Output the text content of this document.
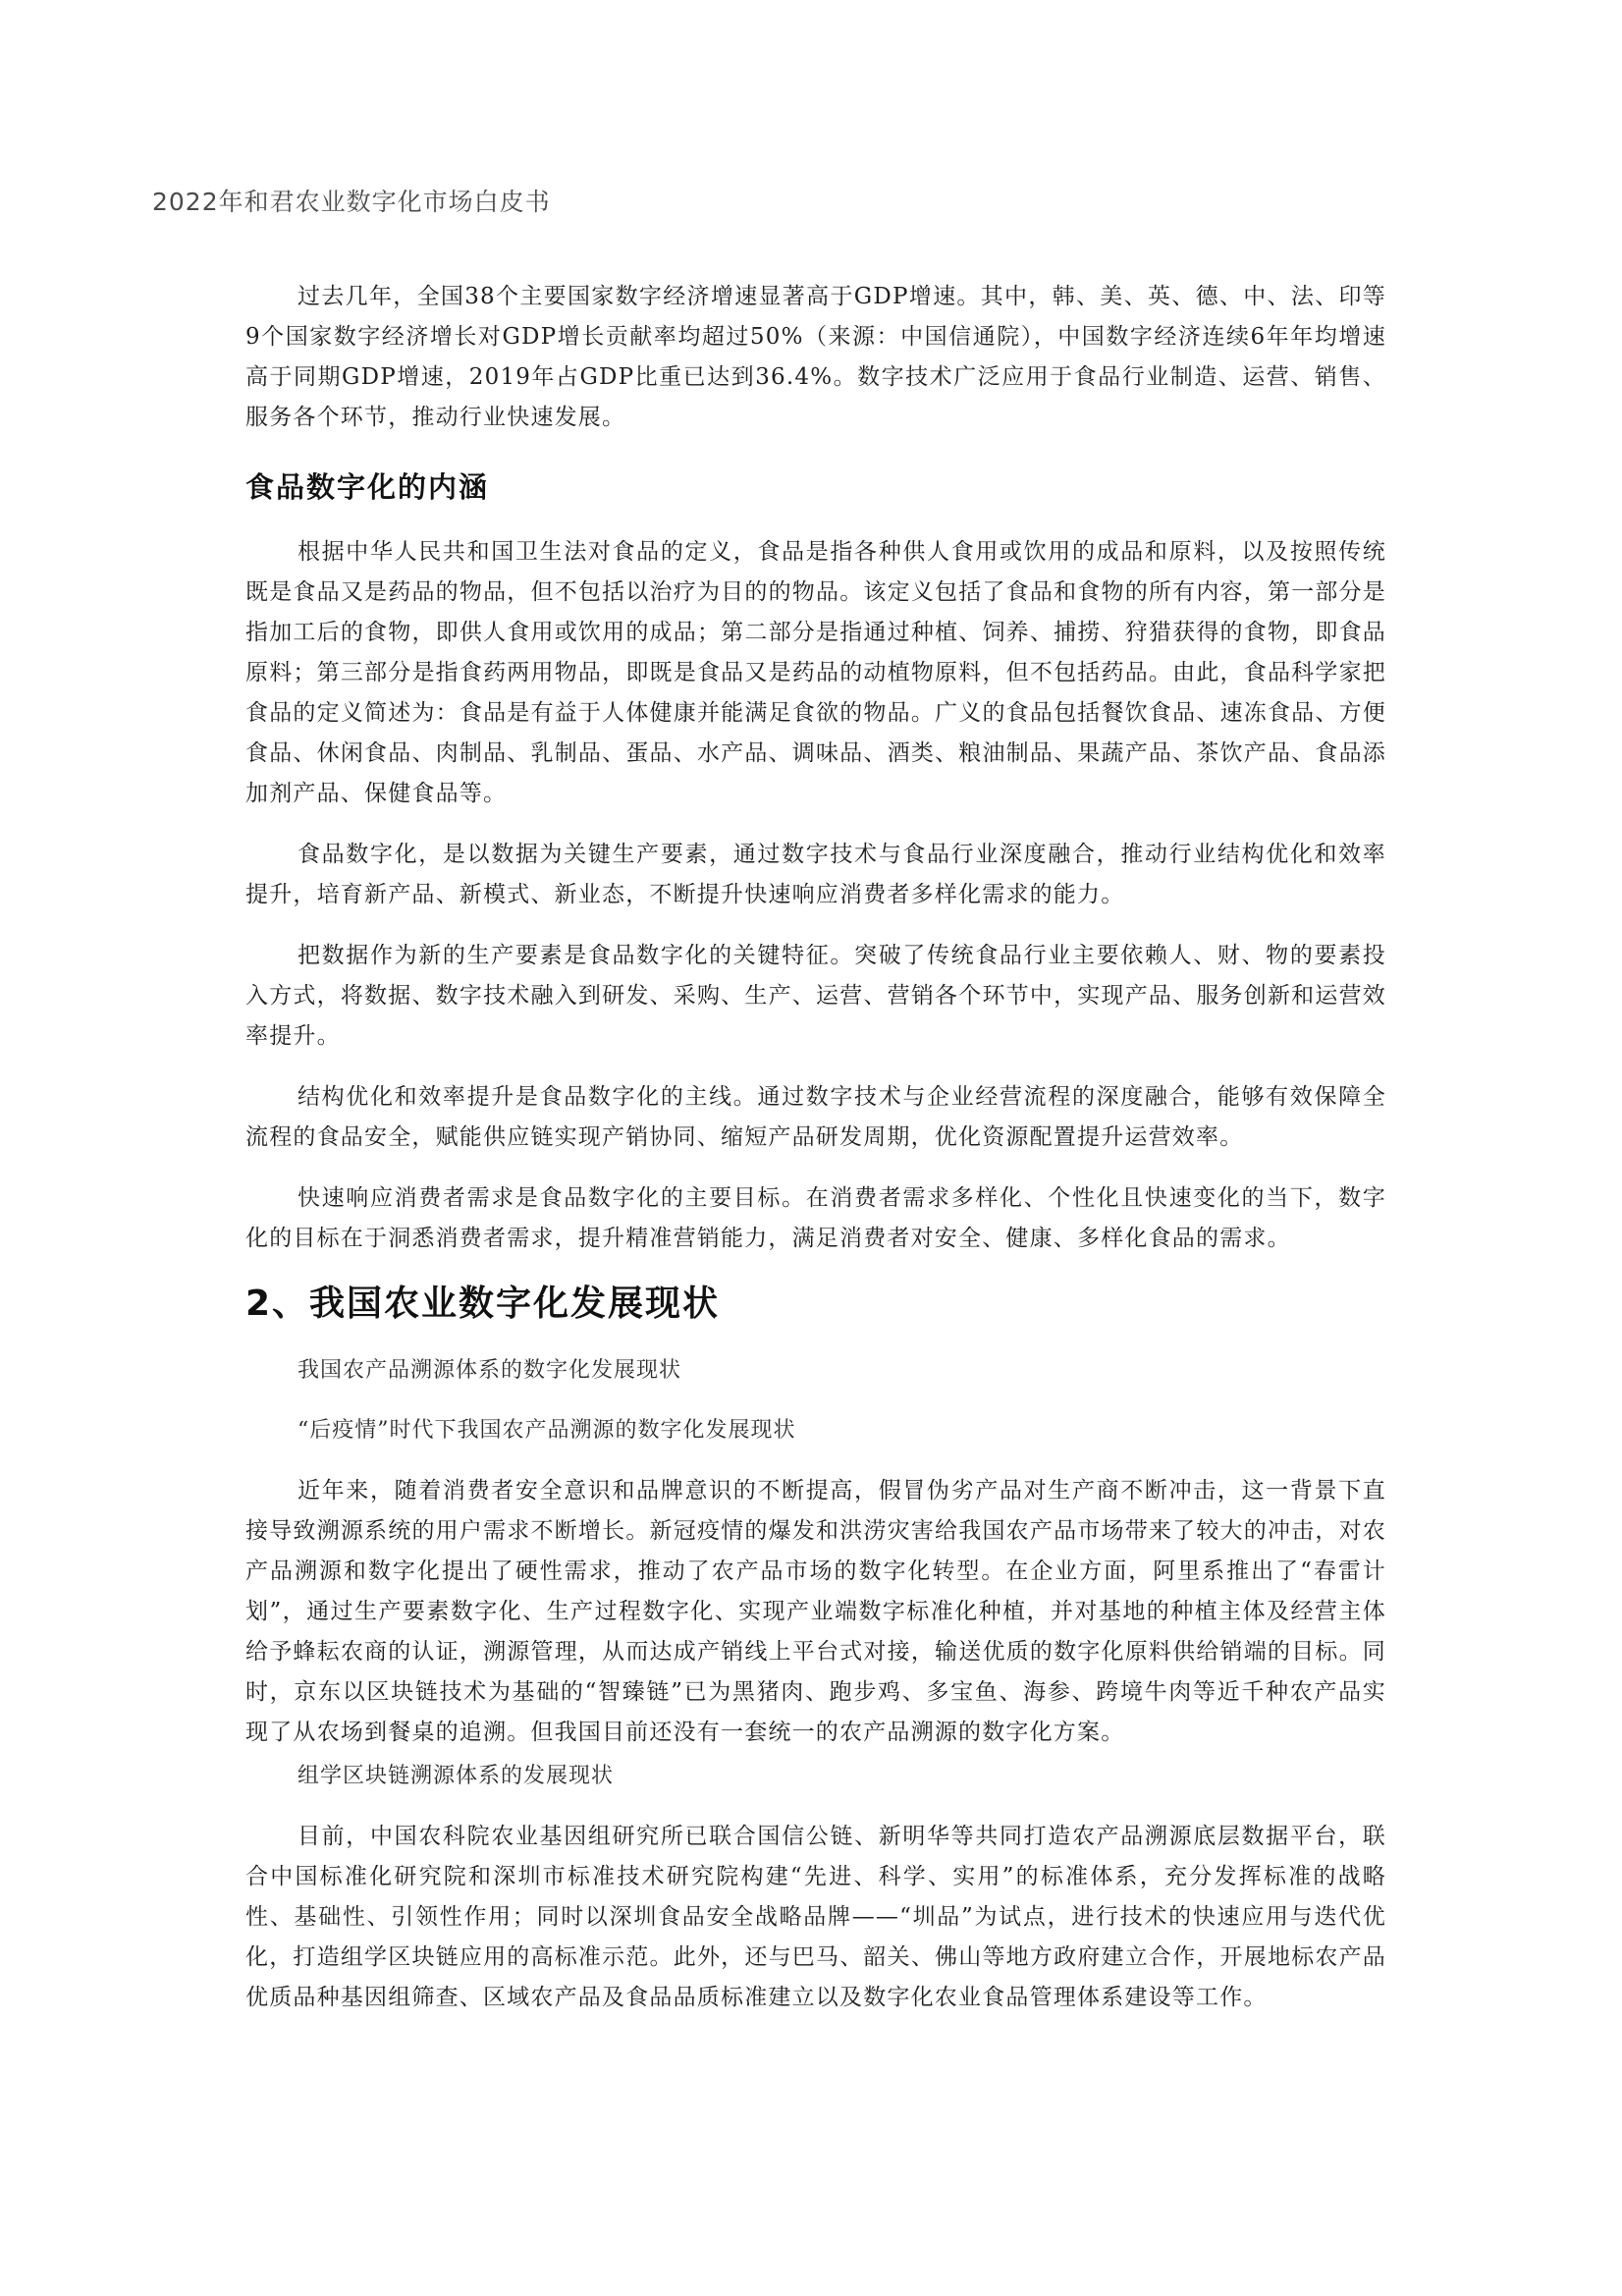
2022年和君农业数字化市场白皮书

过去几年，全国38个主要国家数字经济增速显著高于GDP增速。其中，韩、美、英、德、中、法、印等9个国家数字经济增长对GDP增长贡献率均超过50%（来源：中国信通院），中国数字经济连续6年年均增速高于同期GDP增速，2019年占GDP比重已达到36.4%。数字技术广泛应用于食品行业制造、运营、销售、服务各个环节，推动行业快速发展。

食品数字化的内涵

根据中华人民共和国卫生法对食品的定义，食品是指各种供人食用或饮用的成品和原料，以及按照传统既是食品又是药品的物品，但不包括以治疗为目的的物品。该定义包括了食品和食物的所有内容，第一部分是指加工后的食物，即供人食用或饮用的成品；第二部分是指通过种植、饲养、捕捞、狩猎获得的食物，即食品原料；第三部分是指食药两用物品，即既是食品又是药品的动植物原料，但不包括药品。由此，食品科学家把食品的定义简述为：食品是有益于人体健康并能满足食欲的物品。广义的食品包括餐饮食品、速冻食品、方便食品、休闲食品、肉制品、乳制品、蛋品、水产品、调味品、酒类、粮油制品、果蔬产品、茶饮产品、食品添加剂产品、保健食品等。

食品数字化，是以数据为关键生产要素，通过数字技术与食品行业深度融合，推动行业结构优化和效率提升，培育新产品、新模式、新业态，不断提升快速响应消费者多样化需求的能力。

把数据作为新的生产要素是食品数字化的关键特征。突破了传统食品行业主要依赖人、财、物的要素投入方式，将数据、数字技术融入到研发、采购、生产、运营、营销各个环节中，实现产品、服务创新和运营效率提升。

结构优化和效率提升是食品数字化的主线。通过数字技术与企业经营流程的深度融合，能够有效保障全流程的食品安全，赋能供应链实现产销协同、缩短产品研发周期，优化资源配置提升运营效率。

快速响应消费者需求是食品数字化的主要目标。在消费者需求多样化、个性化且快速变化的当下，数字化的目标在于洞悉消费者需求，提升精准营销能力，满足消费者对安全、健康、多样化食品的需求。

2、我国农业数字化发展现状

我国农产品溯源体系的数字化发展现状

“后疫情”时代下我国农产品溯源的数字化发展现状

近年来，随着消费者安全意识和品牌意识的不断提高，假冒伪劣产品对生产商不断冲击，这一背景下直接导致溯源系统的用户需求不断增长。新冠疫情的爆发和洪涝灾害给我国农产品市场带来了较大的冲击，对农产品溯源和数字化提出了硬性需求，推动了农产品市场的数字化转型。在企业方面，阿里系推出了“春雷计划”，通过生产要素数字化、生产过程数字化、实现产业端数字标准化种植，并对基地的种植主体及经营主体给予蜂耘农商的认证，溯源管理，从而达成产销线上平台式对接，输送优质的数字化原料供给销端的目标。同时，京东以区块链技术为基础的“智臻链”已为黑猪肉、跑步鸡、多宝鱼、海参、跨境牛肉等近千种农产品实现了从农场到餐桌的追溯。但我国目前还没有一套统一的农产品溯源的数字化方案。

组学区块链溯源体系的发展现状

目前，中国农科院农业基因组研究所已联合国信公链、新明华等共同打造农产品溯源底层数据平台，联合中国标准化研究院和深圳市标准技术研究院构建“先进、科学、实用”的标准体系，充分发挥标准的战略性、基础性、引领性作用；同时以深圳食品安全战略品牌——“圳品”为试点，进行技术的快速应用与迭代优化，打造组学区块链应用的高标准示范。此外，还与巴马、韶关、佛山等地方政府建立合作，开展地标农产品优质品种基因组筛查、区域农产品及食品品质标准建立以及数字化农业食品管理体系建设等工作。
